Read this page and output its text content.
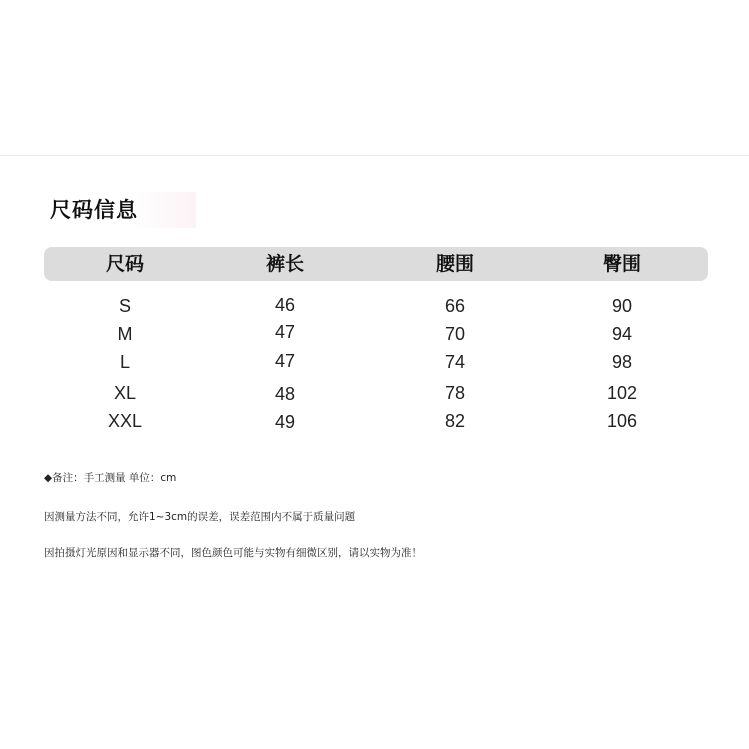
尺码信息
尺码	裤长	腰围	臀围
S	46	66	90
M	47	70	94
L	47	74	98
XL	48	78	102
XXL	49	82	106
◆备注：手工测量 单位：cm
因测量方法不同，允许1~3cm的误差，误差范围内不属于质量问题
因拍摄灯光原因和显示器不同，图色颜色可能与实物有细微区别，请以实物为准！
